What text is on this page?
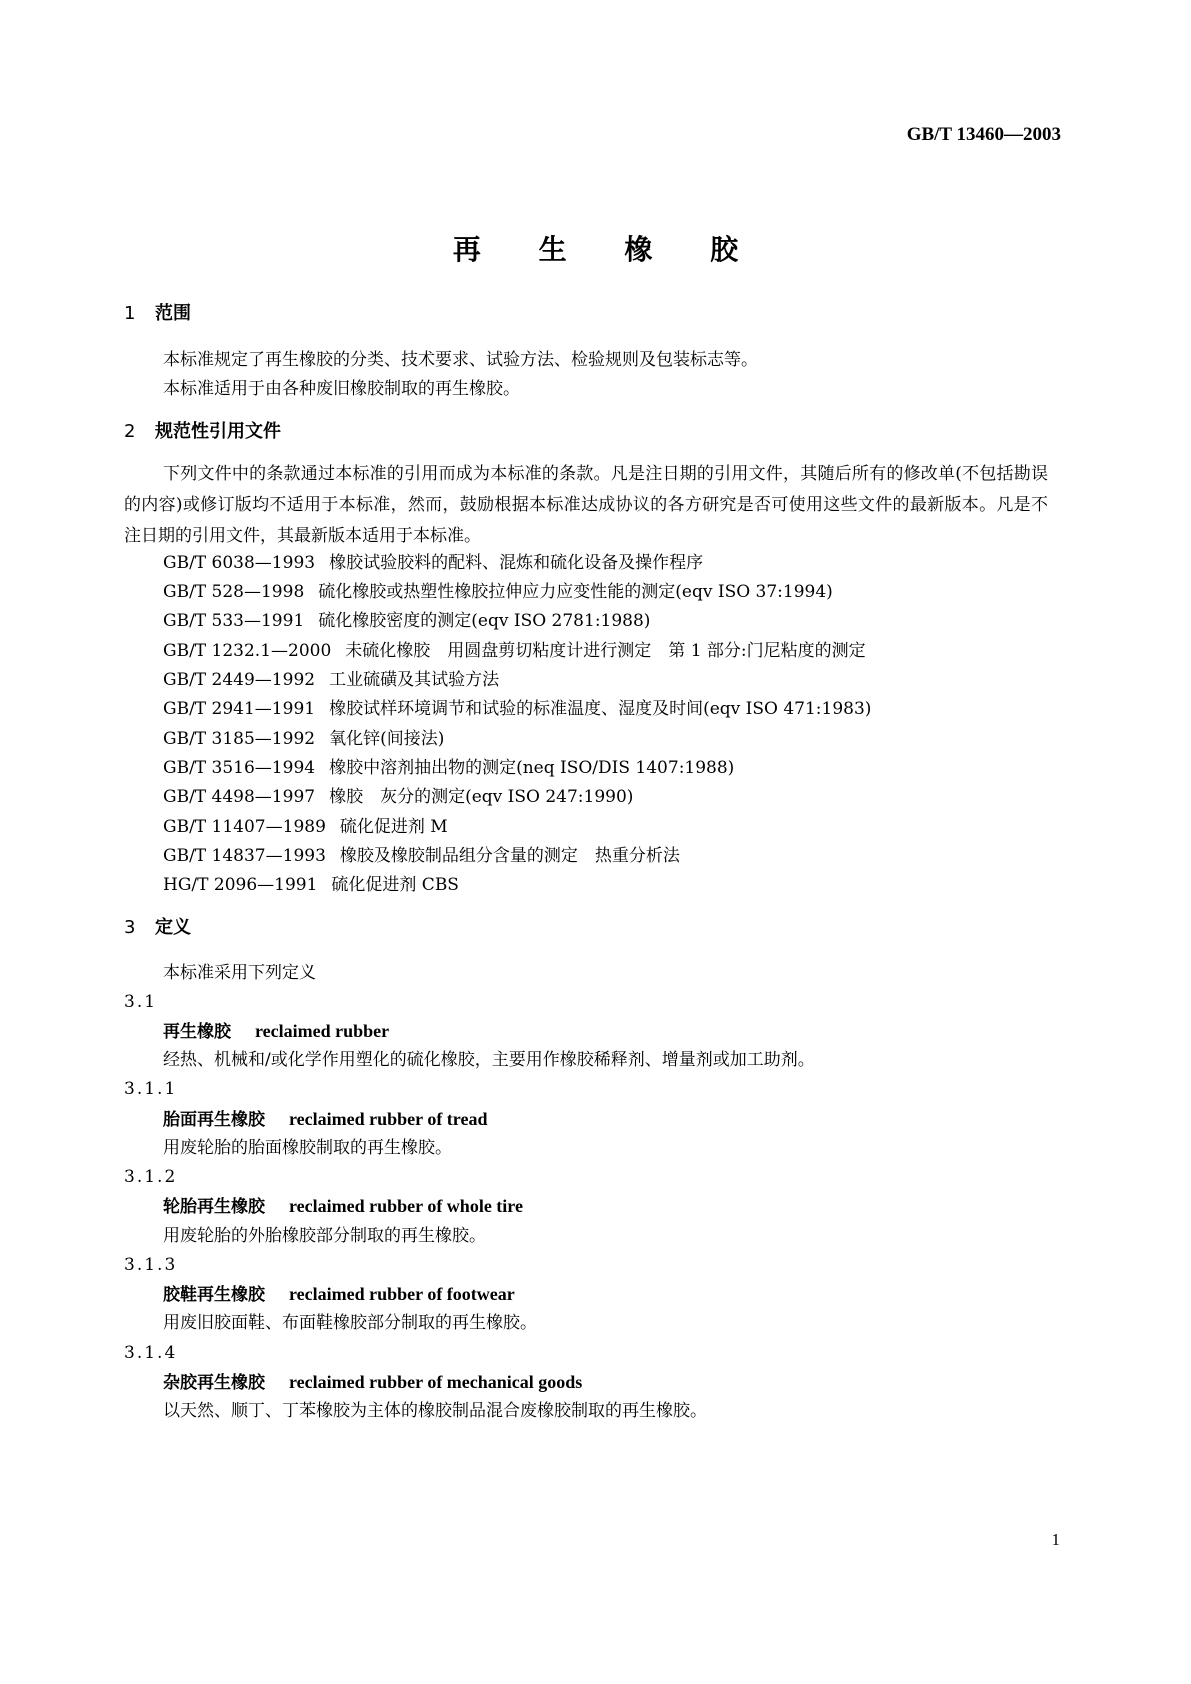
GB/T 13460—2003
再 生 橡 胶
1 范围
本标准规定了再生橡胶的分类、技术要求、试验方法、检验规则及包装标志等。
本标准适用于由各种废旧橡胶制取的再生橡胶。
2 规范性引用文件
下列文件中的条款通过本标准的引用而成为本标准的条款。凡是注日期的引用文件，其随后所有的修改单(不包括勘误的内容)或修订版均不适用于本标准，然而，鼓励根据本标准达成协议的各方研究是否可使用这些文件的最新版本。凡是不注日期的引用文件，其最新版本适用于本标准。
GB/T 6038—1993 橡胶试验胶料的配料、混炼和硫化设备及操作程序
GB/T 528—1998 硫化橡胶或热塑性橡胶拉伸应力应变性能的测定(eqv ISO 37:1994)
GB/T 533—1991 硫化橡胶密度的测定(eqv ISO 2781:1988)
GB/T 1232.1—2000 未硫化橡胶　用圆盘剪切粘度计进行测定　第 1 部分:门尼粘度的测定
GB/T 2449—1992 工业硫磺及其试验方法
GB/T 2941—1991 橡胶试样环境调节和试验的标准温度、湿度及时间(eqv ISO 471:1983)
GB/T 3185—1992 氧化锌(间接法)
GB/T 3516—1994 橡胶中溶剂抽出物的测定(neq ISO/DIS 1407:1988)
GB/T 4498—1997 橡胶　灰分的测定(eqv ISO 247:1990)
GB/T 11407—1989 硫化促进剂 M
GB/T 14837—1993 橡胶及橡胶制品组分含量的测定　热重分析法
HG/T 2096—1991 硫化促进剂 CBS
3 定义
本标准采用下列定义
3.1
再生橡胶 reclaimed rubber
经热、机械和/或化学作用塑化的硫化橡胶，主要用作橡胶稀释剂、增量剂或加工助剂。
3.1.1
胎面再生橡胶 reclaimed rubber of tread
用废轮胎的胎面橡胶制取的再生橡胶。
3.1.2
轮胎再生橡胶 reclaimed rubber of whole tire
用废轮胎的外胎橡胶部分制取的再生橡胶。
3.1.3
胶鞋再生橡胶 reclaimed rubber of footwear
用废旧胶面鞋、布面鞋橡胶部分制取的再生橡胶。
3.1.4
杂胶再生橡胶 reclaimed rubber of mechanical goods
以天然、顺丁、丁苯橡胶为主体的橡胶制品混合废橡胶制取的再生橡胶。
1
